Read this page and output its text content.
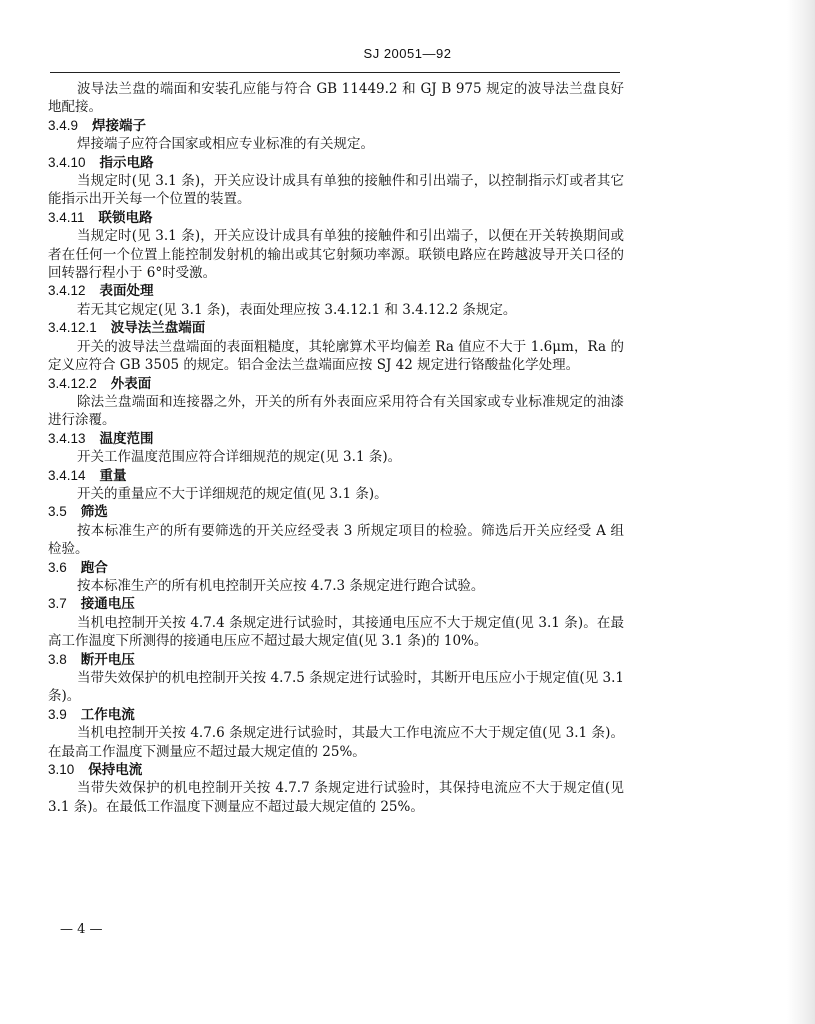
SJ 20051—92

波导法兰盘的端面和安装孔应能与符合 GB 11449.2 和 GJ B 975 规定的波导法兰盘良好地配接。

3.4.9 焊接端子

焊接端子应符合国家或相应专业标准的有关规定。

3.4.10 指示电路

当规定时(见 3.1 条)，开关应设计成具有单独的接触件和引出端子，以控制指示灯或者其它能指示出开关每一个位置的装置。

3.4.11 联锁电路

当规定时(见 3.1 条)，开关应设计成具有单独的接触件和引出端子，以便在开关转换期间或者在任何一个位置上能控制发射机的输出或其它射频功率源。联锁电路应在跨越波导开关口径的回转器行程小于 6°时受激。

3.4.12 表面处理

若无其它规定(见 3.1 条)，表面处理应按 3.4.12.1 和 3.4.12.2 条规定。

3.4.12.1 波导法兰盘端面

开关的波导法兰盘端面的表面粗糙度，其轮廓算术平均偏差 Ra 值应不大于 1.6μm，Ra 的定义应符合 GB 3505 的规定。铝合金法兰盘端面应按 SJ 42 规定进行铬酸盐化学处理。

3.4.12.2 外表面

除法兰盘端面和连接器之外，开关的所有外表面应采用符合有关国家或专业标准规定的油漆进行涂覆。

3.4.13 温度范围

开关工作温度范围应符合详细规范的规定(见 3.1 条)。

3.4.14 重量

开关的重量应不大于详细规范的规定值(见 3.1 条)。

3.5 筛选

按本标准生产的所有要筛选的开关应经受表 3 所规定项目的检验。筛选后开关应经受 A 组检验。

3.6 跑合

按本标准生产的所有机电控制开关应按 4.7.3 条规定进行跑合试验。

3.7 接通电压

当机电控制开关按 4.7.4 条规定进行试验时，其接通电压应不大于规定值(见 3.1 条)。在最高工作温度下所测得的接通电压应不超过最大规定值(见 3.1 条)的 10%。

3.8 断开电压

当带失效保护的机电控制开关按 4.7.5 条规定进行试验时，其断开电压应小于规定值(见 3.1 条)。

3.9 工作电流

当机电控制开关按 4.7.6 条规定进行试验时，其最大工作电流应不大于规定值(见 3.1 条)。在最高工作温度下测量应不超过最大规定值的 25%。

3.10 保持电流

当带失效保护的机电控制开关按 4.7.7 条规定进行试验时，其保持电流应不大于规定值(见 3.1 条)。在最低工作温度下测量应不超过最大规定值的 25%。

— 4 —
